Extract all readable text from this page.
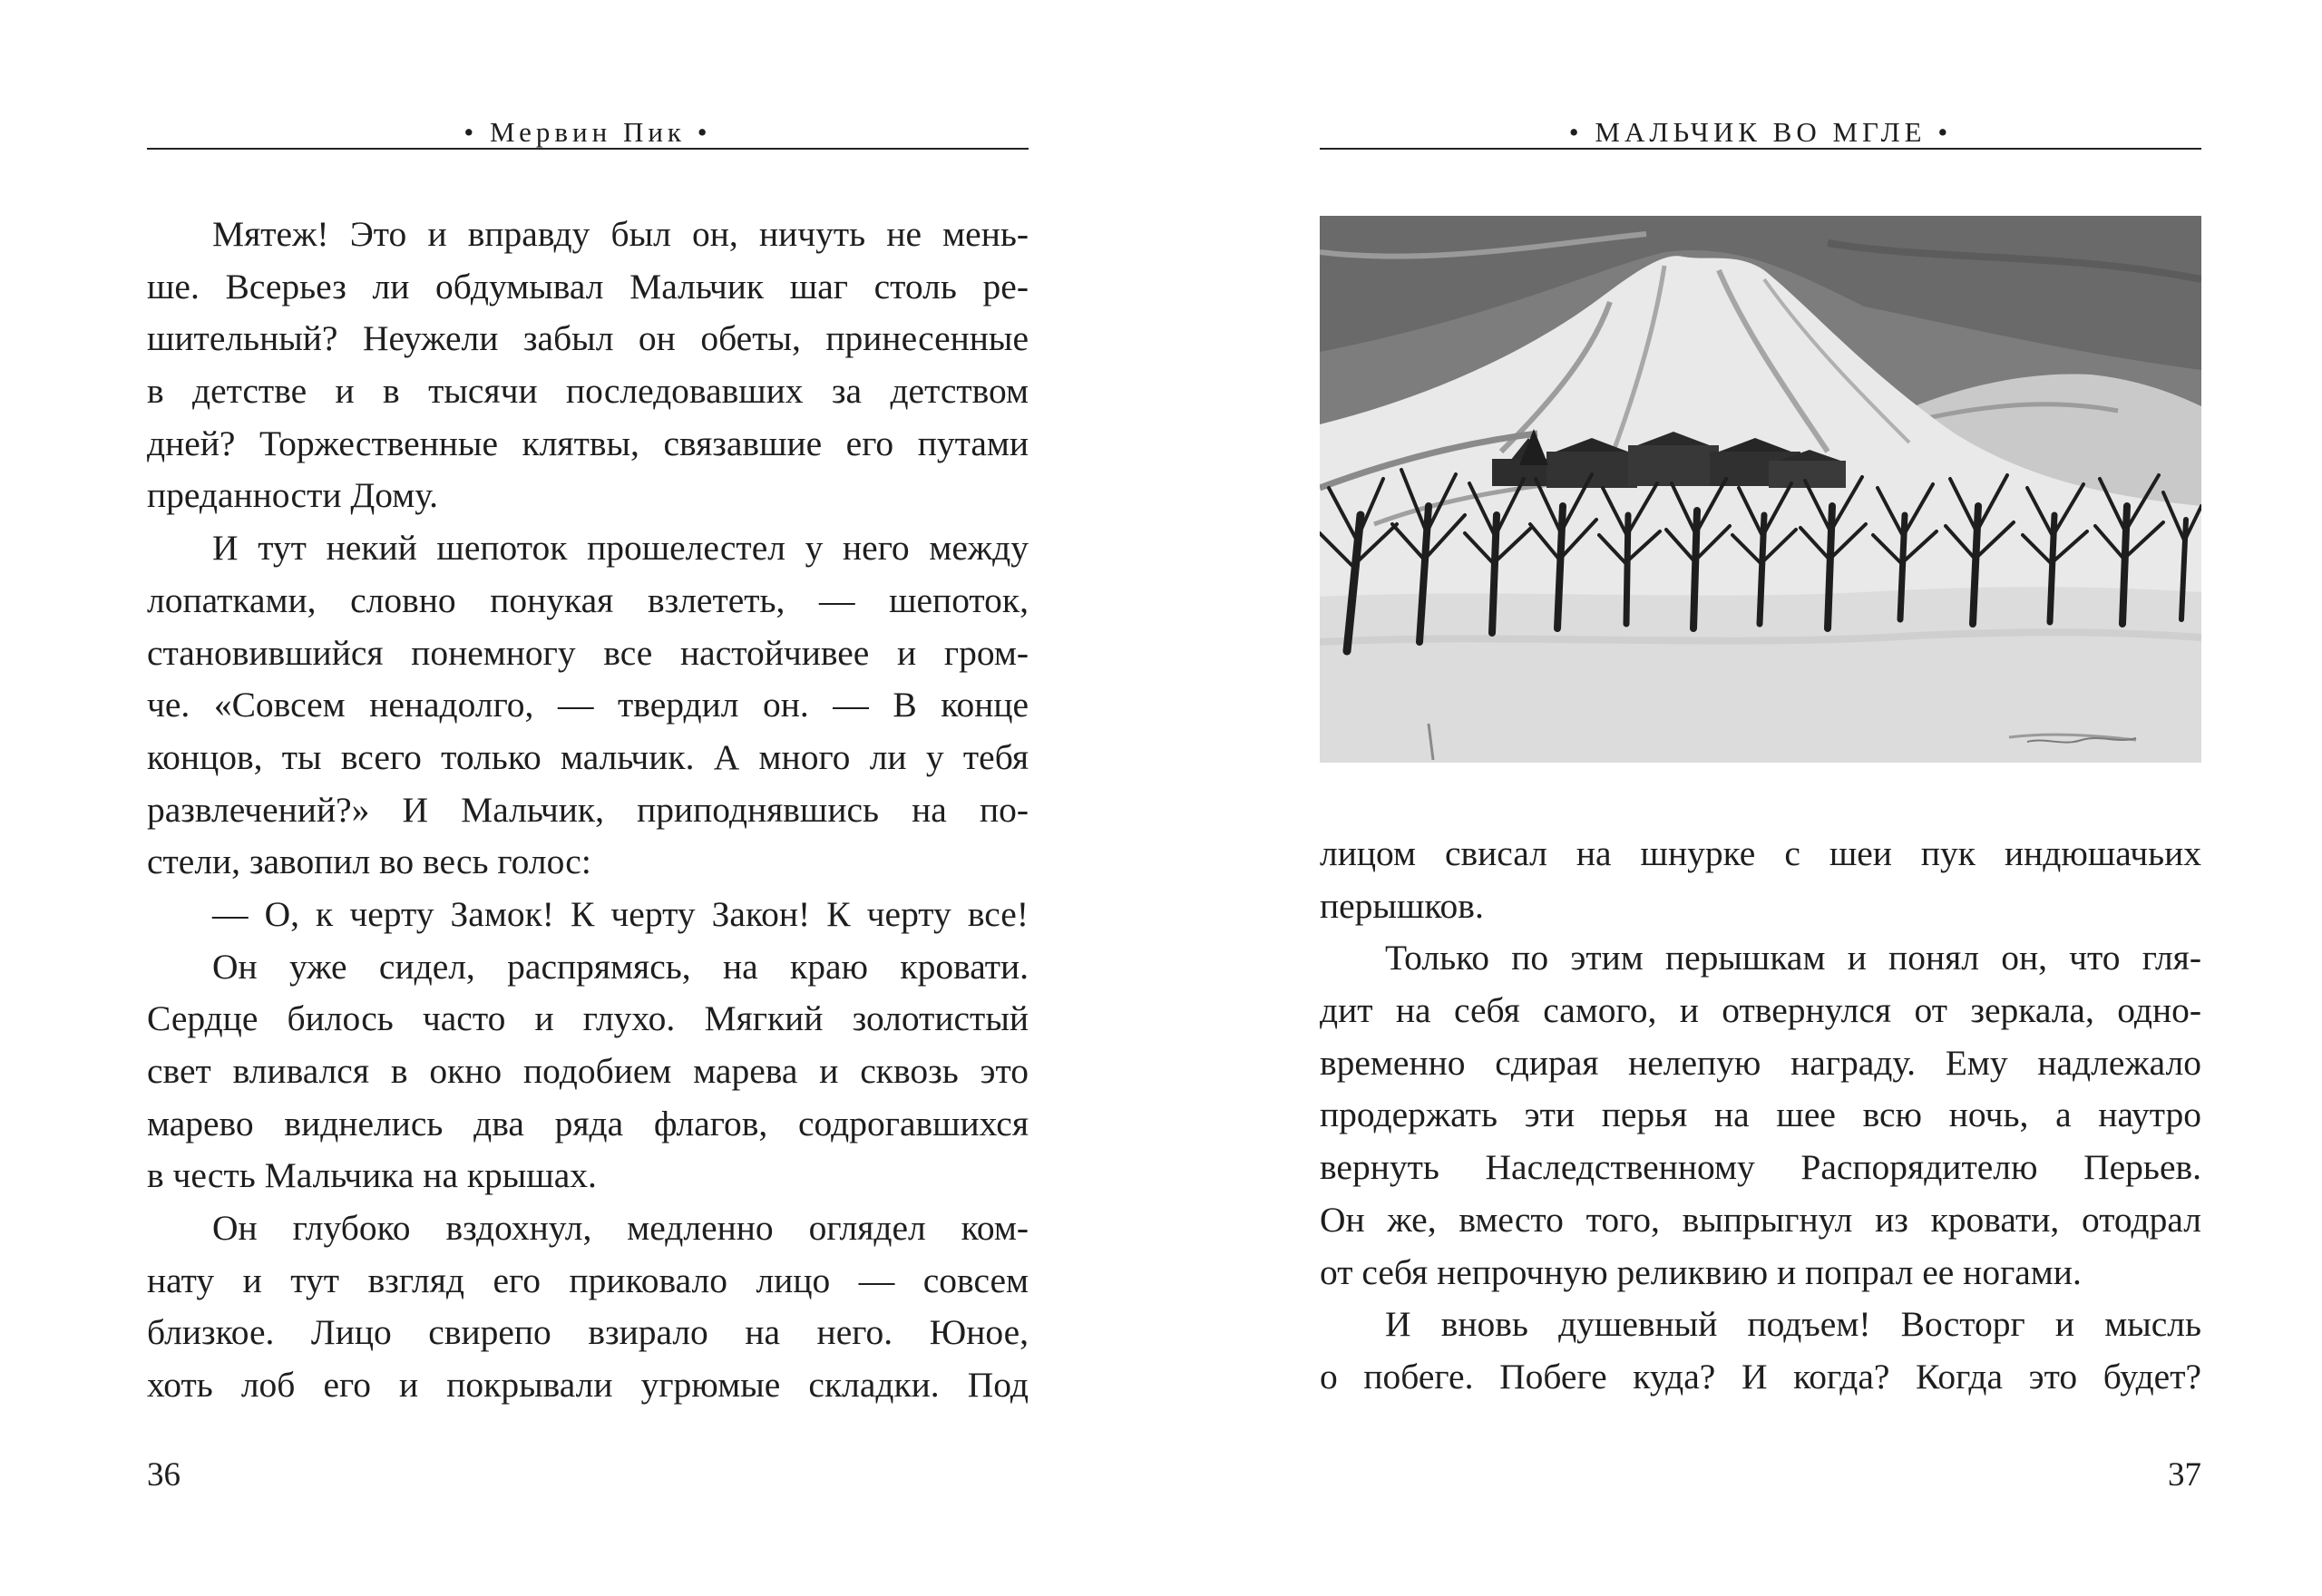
• Мервин Пик •
Мятеж! Это и вправду был он, ничуть не мень-
ше. Всерьез ли обдумывал Мальчик шаг столь ре-
шительный? Неужели забыл он обеты, принесенные
в детстве и в тысячи последовавших за детством
дней? Торжественные клятвы, связавшие его путами
преданности Дому.
И тут некий шепоток прошелестел у него между
лопатками, словно понукая взлететь, — шепоток,
становившийся понемногу все настойчивее и гром-
че. «Совсем ненадолго, — твердил он. — В конце
концов, ты всего только мальчик. А много ли у тебя
развлечений?» И Мальчик, приподнявшись на по-
стели, завопил во весь голос:
— О, к черту Замок! К черту Закон! К черту все!
Он уже сидел, распрямясь, на краю кровати.
Сердце билось часто и глухо. Мягкий золотистый
свет вливался в окно подобием марева и сквозь это
марево виднелись два ряда флагов, содрогавшихся
в честь Мальчика на крышах.
Он глубоко вздохнул, медленно оглядел ком-
нату и тут взгляд его приковало лицо — совсем
близкое. Лицо свирепо взирало на него. Юное,
хоть лоб его и покрывали угрюмые складки. Под
36
• МАЛЬЧИК ВО МГЛЕ •
лицом свисал на шнурке с шеи пук индюшачьих
перышков.
Только по этим перышкам и понял он, что гля-
дит на себя самого, и отвернулся от зеркала, одно-
временно сдирая нелепую награду. Ему надлежало
продержать эти перья на шее всю ночь, а наутро
вернуть Наследственному Распорядителю Перьев.
Он же, вместо того, выпрыгнул из кровати, отодрал
от себя непрочную реликвию и попрал ее ногами.
И вновь душевный подъем! Восторг и мысль
о побеге. Побеге куда? И когда? Когда это будет?
37
